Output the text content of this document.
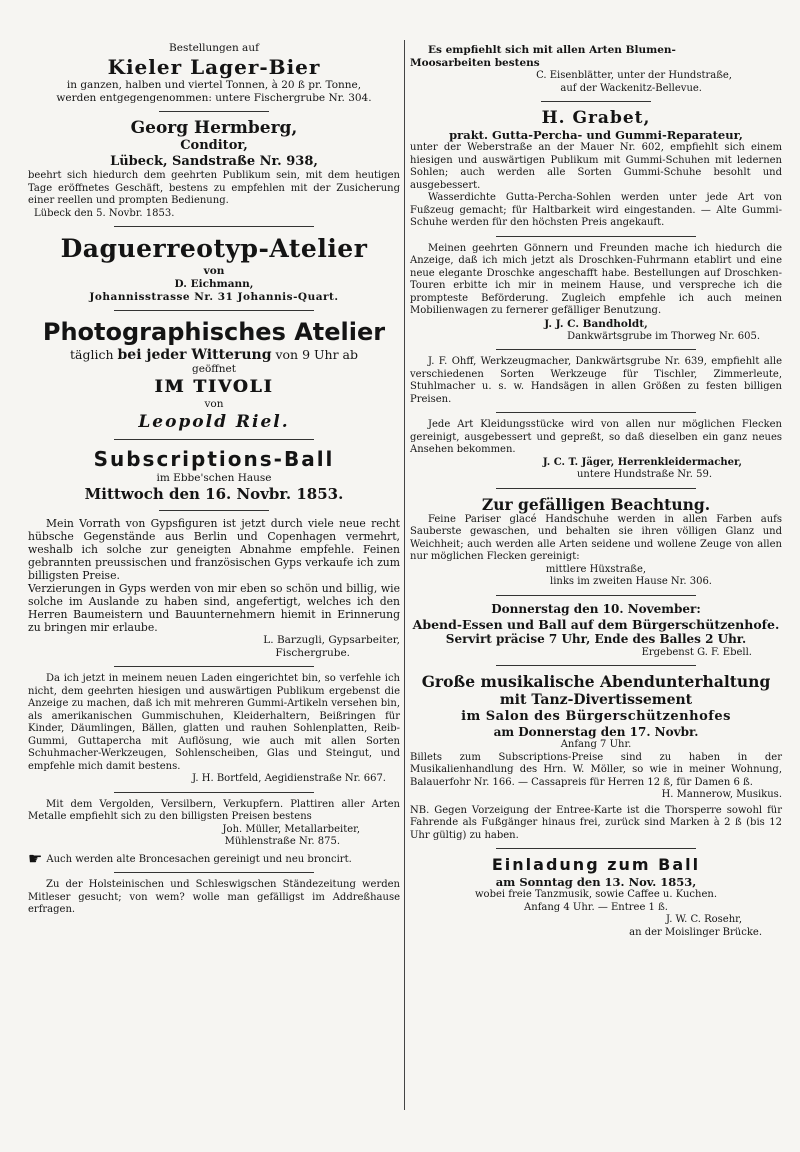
Bestellungen auf

Kieler Lager-Bier

in ganzen, halben und viertel Tonnen, à 20 ß pr. Tonne,

werden entgegengenommen: untere Fischergrube Nr. 304.

Georg Hermberg,

Conditor,

Lübeck, Sandstraße Nr. 938,

beehrt sich hiedurch dem geehrten Publikum sein, mit dem heutigen Tage eröffnetes Geschäft, bestens zu empfehlen mit der Zusicherung einer reellen und prompten Bedienung.

Lübeck den 5. Novbr. 1853.

Daguerreotyp-Atelier

von

D. Eichmann,

Johannisstrasse Nr. 31 Johannis-Quart.

Photographisches Atelier

täglich bei jeder Witterung von 9 Uhr ab

geöffnet

IM TIVOLI

von

Leopold Riel.

Subscriptions-Ball

im Ebbe'schen Hause

Mittwoch den 16. Novbr. 1853.

Mein Vorrath von Gypsfiguren ist jetzt durch viele neue recht hübsche Gegenstände aus Berlin und Copenhagen vermehrt, weshalb ich solche zur geneigten Abnahme empfehle. Feinen gebrannten preussischen und französischen Gyps verkaufe ich zum billigsten Preise.

Verzierungen in Gyps werden von mir eben so schön und billig, wie solche im Auslande zu haben sind, angefertigt, welches ich den Herren Baumeistern und Bauunternehmern hiemit in Erinnerung zu bringen mir erlaube.

L. Barzugli, Gypsarbeiter,

Fischergrube.

Da ich jetzt in meinem neuen Laden eingerichtet bin, so verfehle ich nicht, dem geehrten hiesigen und auswärtigen Publikum ergebenst die Anzeige zu machen, daß ich mit mehreren Gummi-Artikeln versehen bin, als amerikanischen Gummischuhen, Kleiderhaltern, Beißringen für Kinder, Däumlingen, Bällen, glatten und rauhen Sohlenplatten, Reib-Gummi, Guttapercha mit Auflösung, wie auch mit allen Sorten Schuhmacher-Werkzeugen, Sohlenscheiben, Glas und Steingut, und empfehle mich damit bestens.

J. H. Bortfeld, Aegidienstraße Nr. 667.

Mit dem Vergolden, Versilbern, Verkupfern. Plattiren aller Arten Metalle empfiehlt sich zu den billigsten Preisen bestens

Joh. Müller, Metallarbeiter,

Mühlenstraße Nr. 875.

☛ Auch werden alte Broncesachen gereinigt und neu broncirt.

Zu der Holsteinischen und Schleswigschen Ständezeitung werden Mitleser gesucht; von wem? wolle man gefälligst im Addreßhause erfragen.

Es empfiehlt sich mit allen Arten Blumen-

Moosarbeiten bestens

C. Eisenblätter, unter der Hundstraße,

auf der Wackenitz-Bellevue.

H. Grabet,

prakt. Gutta-Percha- und Gummi-Reparateur,

unter der Weberstraße an der Mauer Nr. 602, empfiehlt sich einem hiesigen und auswärtigen Publikum mit Gummi-Schuhen mit ledernen Sohlen; auch werden alle Sorten Gummi-Schuhe besohlt und ausgebessert.

Wasserdichte Gutta-Percha-Sohlen werden unter jede Art von Fußzeug gemacht; für Haltbarkeit wird eingestanden. — Alte Gummi-Schuhe werden für den höchsten Preis angekauft.

Meinen geehrten Gönnern und Freunden mache ich hiedurch die Anzeige, daß ich mich jetzt als Droschken-Fuhrmann etablirt und eine neue elegante Droschke angeschafft habe. Bestellungen auf Droschken-Touren erbitte ich mir in meinem Hause, und verspreche ich die prompteste Beförderung. Zugleich empfehle ich auch meinen Mobilienwagen zu fernerer gefälliger Benutzung.

J. J. C. Bandholdt,

Dankwärtsgrube im Thorweg Nr. 605.

J. F. Ohff, Werkzeugmacher, Dankwärtsgrube Nr. 639, empfiehlt alle verschiedenen Sorten Werkzeuge für Tischler, Zimmerleute, Stuhlmacher u. s. w. Handsägen in allen Größen zu festen billigen Preisen.

Jede Art Kleidungsstücke wird von allen nur möglichen Flecken gereinigt, ausgebessert und gepreßt, so daß dieselben ein ganz neues Ansehen bekommen.

J. C. T. Jäger, Herrenkleidermacher,

untere Hundstraße Nr. 59.

Zur gefälligen Beachtung.

Feine Pariser glacé Handschuhe werden in allen Farben aufs Sauberste gewaschen, und behalten sie ihren völligen Glanz und Weichheit; auch werden alle Arten seidene und wollene Zeuge von allen nur möglichen Flecken gereinigt:

mittlere Hüxstraße,

links im zweiten Hause Nr. 306.

Donnerstag den 10. November:

Abend-Essen und Ball auf dem Bürgerschützenhofe.

Servirt präcise 7 Uhr, Ende des Balles 2 Uhr.

Ergebenst G. F. Ebell.

Große musikalische Abendunterhaltung

mit Tanz-Divertissement

im Salon des Bürgerschützenhofes

am Donnerstag den 17. Novbr.

Anfang 7 Uhr.

Billets zum Subscriptions-Preise sind zu haben in der Musikalienhandlung des Hrn. W. Möller, so wie in meiner Wohnung, Balauerfohr Nr. 166. — Cassapreis für Herren 12 ß, für Damen 6 ß.

H. Mannerow, Musikus.

NB. Gegen Vorzeigung der Entree-Karte ist die Thorsperre sowohl für Fahrende als Fußgänger hinaus frei, zurück sind Marken à 2 ß (bis 12 Uhr gültig) zu haben.

Einladung zum Ball

am Sonntag den 13. Nov. 1853,

wobei freie Tanzmusik, sowie Caffee u. Kuchen.

Anfang 4 Uhr. — Entree 1 ß.

J. W. C. Rosehr,

an der Moislinger Brücke.
